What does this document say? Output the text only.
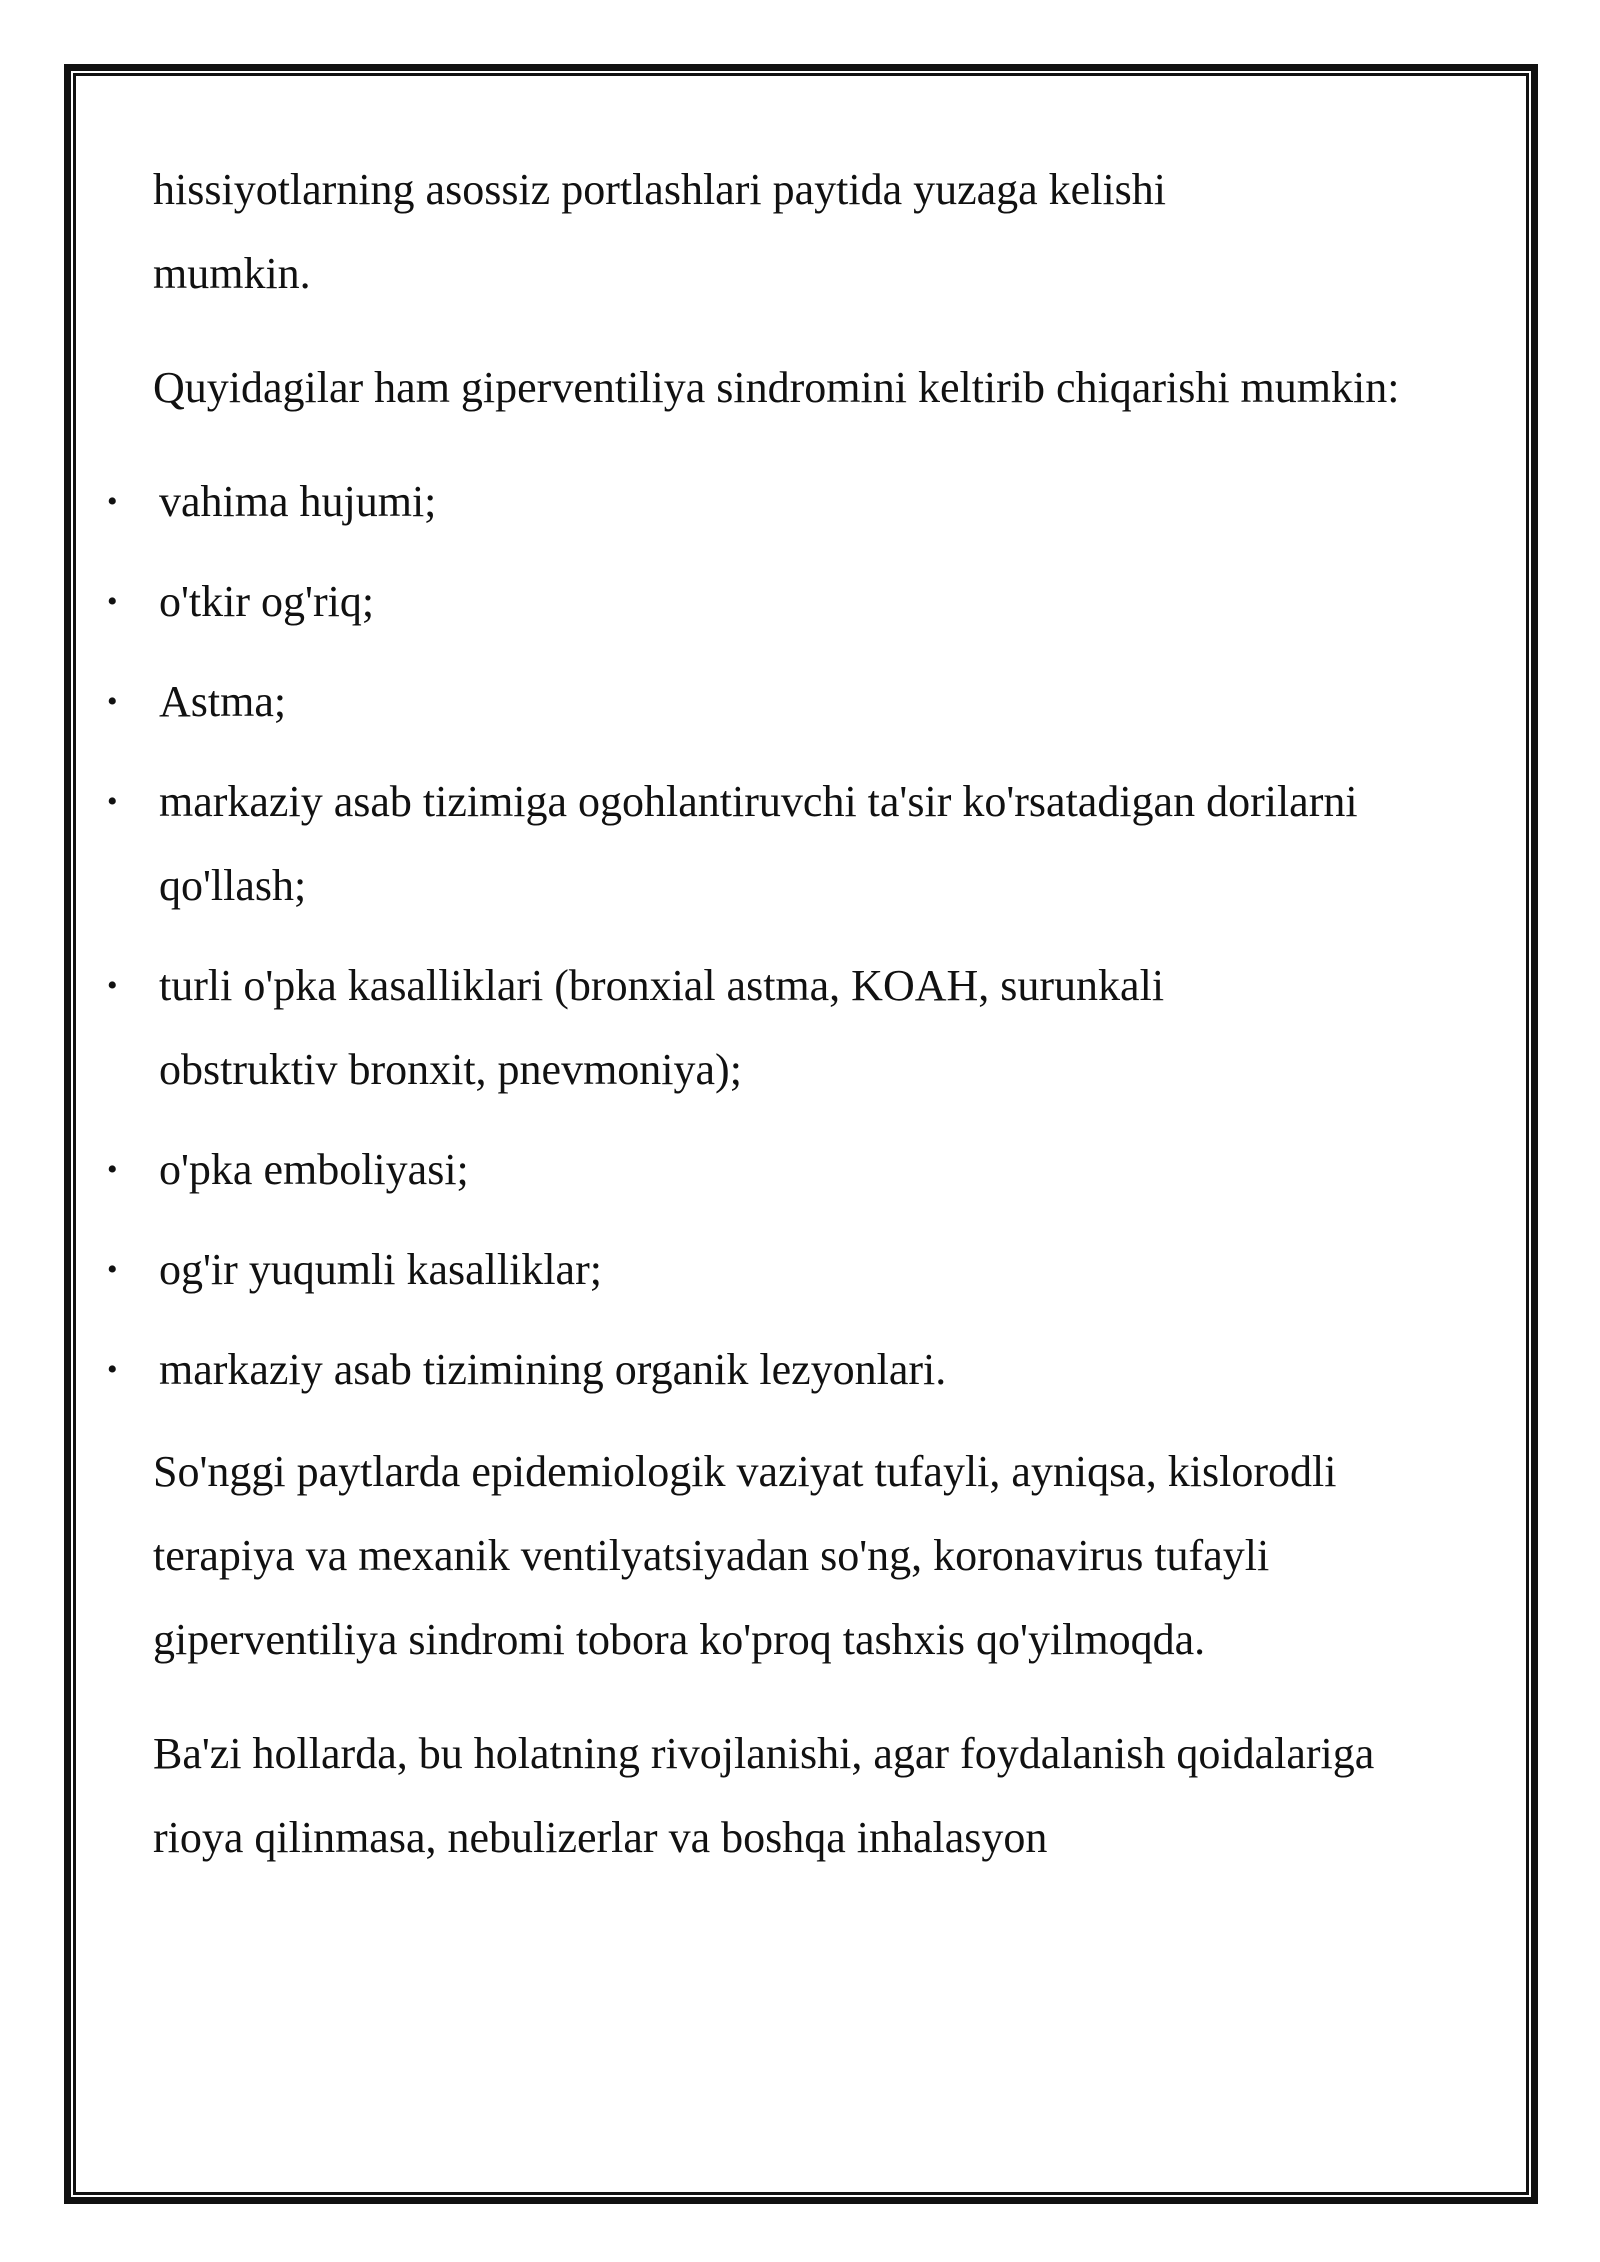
hissiyotlarning asossiz portlashlari paytida yuzaga kelishi mumkin.

Quyidagilar ham giperventiliya sindromini keltirib chiqarishi mumkin:

• vahima hujumi;
• o'tkir og'riq;
• Astma;
• markaziy asab tizimiga ogohlantiruvchi ta'sir ko'rsatadigan dorilarni qo'llash;
• turli o'pka kasalliklari (bronxial astma, KOAH, surunkali obstruktiv bronxit, pnevmoniya);
• o'pka emboliyasi;
• og'ir yuqumli kasalliklar;
• markaziy asab tizimining organik lezyonlari.

So'nggi paytlarda epidemiologik vaziyat tufayli, ayniqsa, kislorodli terapiya va mexanik ventilyatsiyadan so'ng, koronavirus tufayli giperventiliya sindromi tobora ko'proq tashxis qo'yilmoqda.

Ba'zi hollarda, bu holatning rivojlanishi, agar foydalanish qoidalariga rioya qilinmasa, nebulizerlar va boshqa inhalasyon
